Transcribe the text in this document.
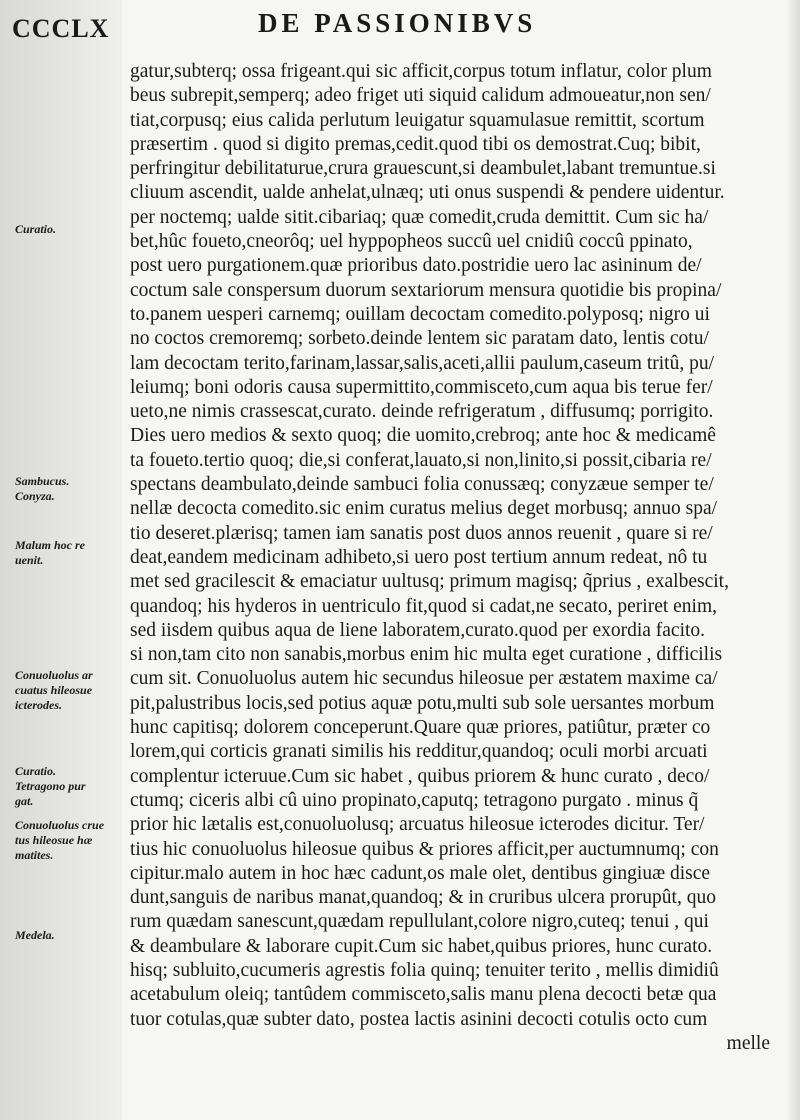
CCCLX	DE PASSIONIBVS
Curatio.
Sambucus.
Conyza.
Malum hoc re
uenit.
Conuoluolus ar
cuatus hileosue
icterodes.
Curatio.
Tetragono pur
gat.
Conuoluolus crue
tus hileosue hæ
matites.
Medela.
gatur,subterq; ossa frigeant.qui sic afficit,corpus totum inflatur, color plum
beus subrepit,semperq; adeo friget uti siquid calidum admoueatur,non sen/
tiat,corpusq; eius calida perlutum leuigatur squamulasue remittit, scortum
præsertim . quod si digito premas,cedit.quod tibi os demostrat.Cuq; bibit,
perfringitur debilitaturue,crura grauescunt,si deambulet,labant tremuntue.si
cliuum ascendit, ualde anhelat,ulnæq; uti onus suspendi & pendere uidentur.
per noctemq; ualde sitit.cibariaq; quæ comedit,cruda demittit. Cum sic ha/
bet,hûc foueto,cneorôq; uel hyppopheos succû uel cnidiû coccû ppinato,
post uero purgationem.quæ prioribus dato.postridie uero lac asininum de/
coctum sale conspersum duorum sextariorum mensura quotidie bis propina/
to.panem uesperi carnemq; ouillam decoctam comedito.polyposq; nigro ui
no coctos cremoremq; sorbeto.deinde lentem sic paratam dato, lentis cotu/
lam decoctam terito,farinam,lassar,salis,aceti,allii paulum,caseum tritû, pu/
leiumq; boni odoris causa supermittito,commisceto,cum aqua bis terue fer/
ueto,ne nimis crassescat,curato. deinde refrigeratum , diffusumq; porrigito.
Dies uero medios & sexto quoq; die uomito,crebroq; ante hoc & medicamê
ta foueto.tertio quoq; die,si conferat,lauato,si non,linito,si possit,cibaria re/
spectans deambulato,deinde sambuci folia conussæq; conyzæue semper te/
nellæ decocta comedito.sic enim curatus melius deget morbusq; annuo spa/
tio deseret.plærisq; tamen iam sanatis post duos annos reuenit , quare si re/
deat,eandem medicinam adhibeto,si uero post tertium annum redeat, nô tu
met sed gracilescit & emaciatur uultusq; primum magisq; q̃prius , exalbescit,
quandoq; his hyderos in uentriculo fit,quod si cadat,ne secato, periret enim,
sed iisdem quibus aqua de liene laboratem,curato.quod per exordia facito.
si non,tam cito non sanabis,morbus enim hic multa eget curatione , difficilis
cum sit. Conuoluolus autem hic secundus hileosue per æstatem maxime ca/
pit,palustribus locis,sed potius aquæ potu,multi sub sole uersantes morbum
hunc capitisq; dolorem conceperunt.Quare quæ priores, patiûtur, præter co
lorem,qui corticis granati similis his redditur,quandoq; oculi morbi arcuati
complentur icteruue.Cum sic habet , quibus priorem & hunc curato , deco/
ctumq; ciceris albi cû uino propinato,caputq; tetragono purgato . minus q̃
prior hic lætalis est,conuoluolusq; arcuatus hileosue icterodes dicitur. Ter/
tius hic conuoluolus hileosue quibus & priores afficit,per auctumnumq; con
cipitur.malo autem in hoc hæc cadunt,os male olet, dentibus gingiuæ disce
dunt,sanguis de naribus manat,quandoq; & in cruribus ulcera prorupût, quo
rum quædam sanescunt,quædam repullulant,colore nigro,cuteq; tenui , qui
& deambulare & laborare cupit.Cum sic habet,quibus priores, hunc curato.
hisq; subluito,cucumeris agrestis folia quinq; tenuiter terito , mellis dimidiû
acetabulum oleiq; tantûdem commisceto,salis manu plena decocti betæ qua
tuor cotulas,quæ subter dato, postea lactis asinini decocti cotulis octo cum
melle
